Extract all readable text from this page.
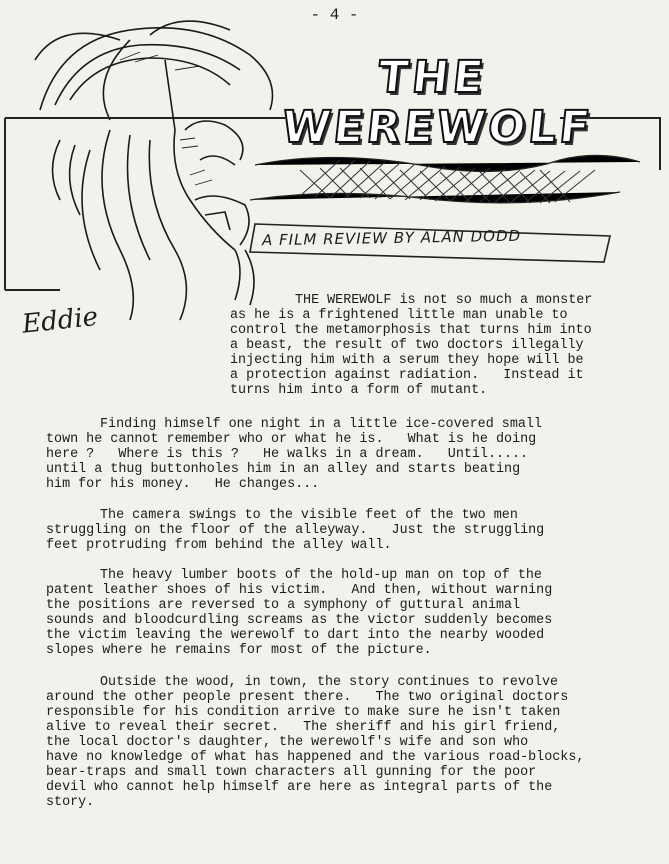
- 4 -
THE
WEREWOLF
A FILM REVIEW BY ALAN DODD
Eddie
THE WEREWOLF is not so much a monster
as he is a frightened little man unable to
control the metamorphosis that turns him into
a beast, the result of two doctors illegally
injecting him with a serum they hope will be
a protection against radiation.   Instead it
turns him into a form of mutant.
Finding himself one night in a little ice-covered small
town he cannot remember who or what he is.   What is he doing
here ?   Where is this ?   He walks in a dream.   Until.....
until a thug buttonholes him in an alley and starts beating
him for his money.   He changes...
The camera swings to the visible feet of the two men
struggling on the floor of the alleyway.   Just the struggling
feet protruding from behind the alley wall.
The heavy lumber boots of the hold-up man on top of the
patent leather shoes of his victim.   And then, without warning
the positions are reversed to a symphony of guttural animal
sounds and bloodcurdling screams as the victor suddenly becomes
the victim leaving the werewolf to dart into the nearby wooded
slopes where he remains for most of the picture.
Outside the wood, in town, the story continues to revolve
around the other people present there.   The two original doctors
responsible for his condition arrive to make sure he isn't taken
alive to reveal their secret.   The sheriff and his girl friend,
the local doctor's daughter, the werewolf's wife and son who
have no knowledge of what has happened and the various road-blocks,
bear-traps and small town characters all gunning for the poor
devil who cannot help himself are here as integral parts of the
story.
